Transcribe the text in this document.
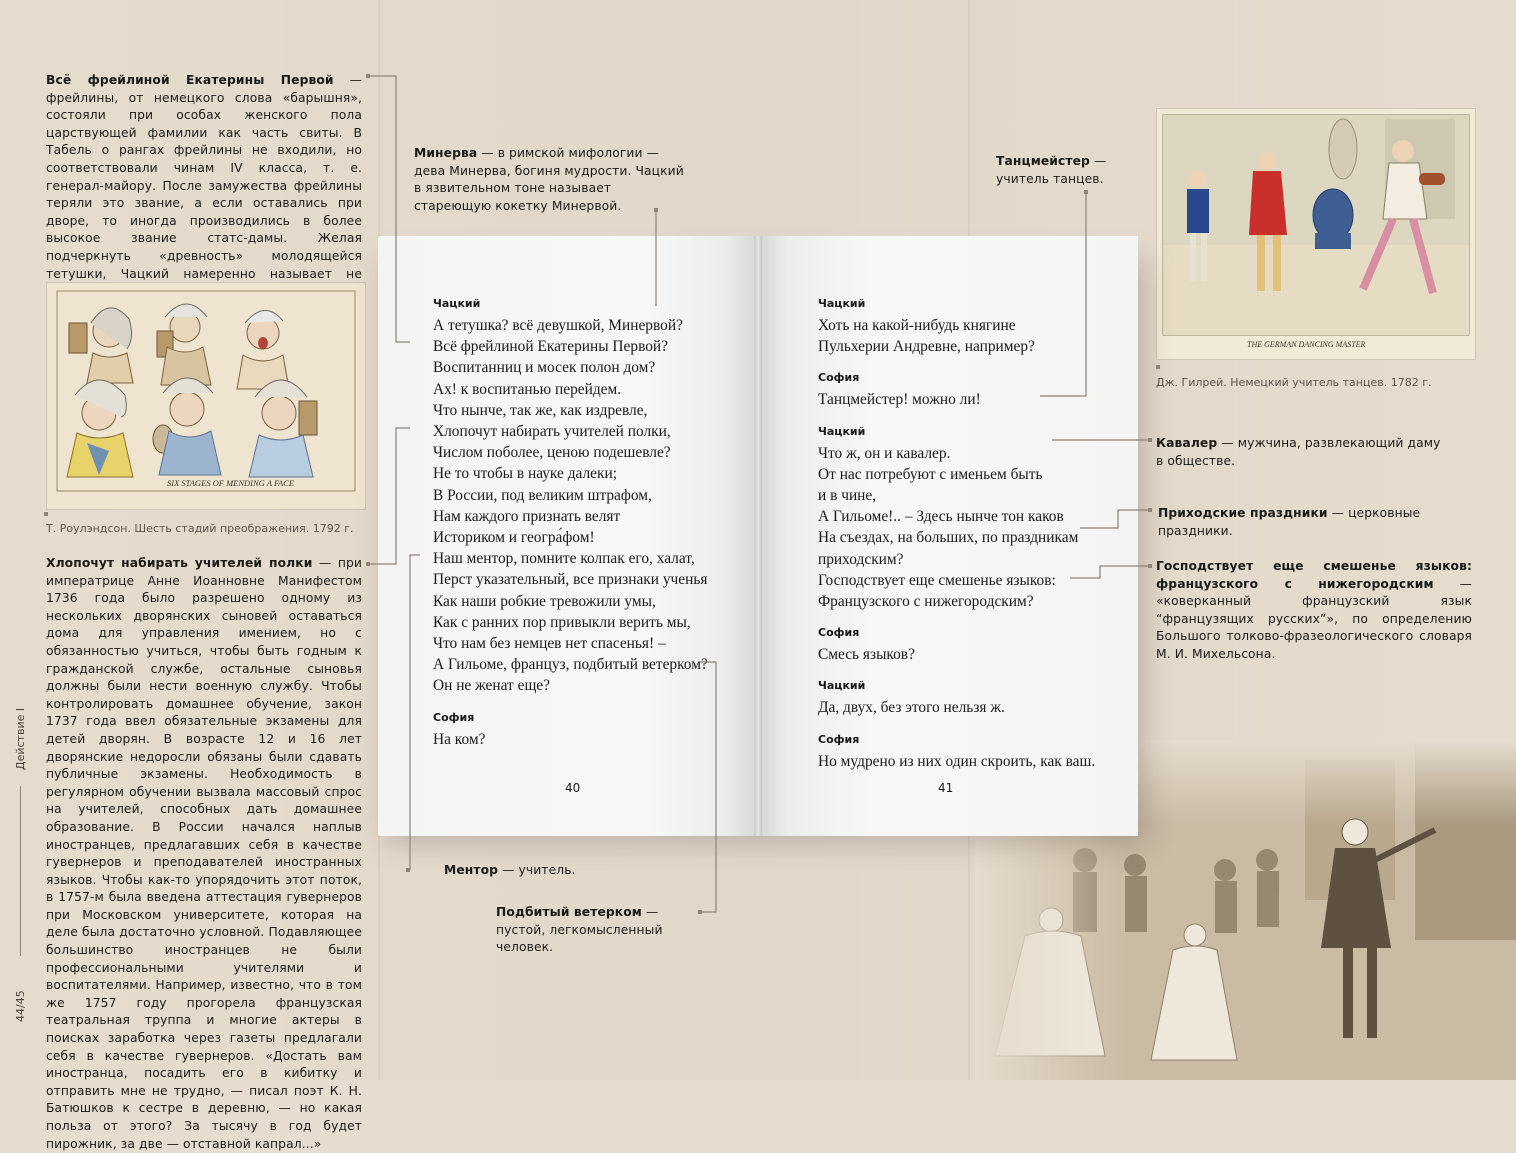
Действие I
44/45
Всё фрейлиной Екатерины Первой — фрейлины, от немецкого слова «барышня», состояли при особах женского пола царствующей фамилии как часть свиты. В Табель о рангах фрейлины не входили, но соответствовали чинам IV класса, т. е. генерал-майору. После замужества фрейлины теряли это звание, а если оставались при дворе, то иногда производились в более высокое звание статс-дамы. Желая подчеркнуть «древность» молодящейся тетушки, Чацкий намеренно называет не
SIX STAGES OF MENDING A FACE
Т. Роулэндсон. Шесть стадий преображения. 1792 г.
Хлопочут набирать учителей полки — при императрице Анне Иоанновне Манифестом 1736 года было разрешено одному из нескольких дворянских сыновей оставаться дома для управления имением, но с обязанностью учиться, чтобы быть годным к гражданской службе, остальные сыновья должны были нести военную службу. Чтобы контролировать домашнее обучение, закон 1737 года ввел обязательные экзамены для детей дворян. В возрасте 12 и 16 лет дворянские недоросли обязаны были сдавать публичные экзамены. Необходимость в регулярном обучении вызвала массовый спрос на учителей, способных дать домашнее образование. В России начался наплыв иностранцев, предлагавших себя в качестве гувернеров и преподавателей иностранных языков. Чтобы как-то упорядочить этот поток, в 1757-м была введена аттестация гувернеров при Московском университете, которая на деле была достаточно условной. Подавляющее большинство иностранцев не были профессиональными учителями и воспитателями. Например, известно, что в том же 1757 году прогорела французская театральная труппа и многие актеры в поисках заработка через газеты предлагали себя в качестве гувернеров. «Достать вам иностранца, посадить его в кибитку и отправить мне не трудно, — писал поэт К. Н. Батюшков к сестре в деревню, — но какая польза от этого? За тысячу в год будет пирожник, за две — отставной капрал...»
Минерва — в римской мифологии — дева Минерва, богиня мудрости. Чацкий в язвительном тоне называет стареющую кокетку Минервой.
Танцмейстер — учитель танцев.
THE GERMAN DANCING MASTER
Дж. Гилрей. Немецкий учитель танцев. 1782 г.
Кавалер — мужчина, развлекающий даму в обществе.
Приходские праздники — церковные праздники.
Господствует еще смешенье языков: французского с нижегородским — «коверканный французский язык “французящих русских”», по определению Большого толково-фразеологического словаря М. И. Михельсона.
Чацкий
А тетушка? всё девушкой, Минервой?
Всё фрейлиной Екатерины Первой?
Воспитанниц и мосек полон дом?
Ах! к воспитанью перейдем.
Что нынче, так же, как издревле,
Хлопочут набирать учителей полки,
Числом поболее, ценою подешевле?
Не то чтобы в науке далеки;
В России, под великим штрафом,
Нам каждого признать велят
Историком и геогра́фом!
Наш ментор, помните колпак его, халат,
Перст указательный, все признаки ученья
Как наши робкие тревожили умы,
Как с ранних пор привыкли верить мы,
Что нам без немцев нет спасенья! –
А Гильоме, француз, подбитый ветерком?
Он не женат еще?
София
На ком?
40
Чацкий
Хоть на какой-нибудь княгине
Пульхерии Андревне, например?
София
Танцмейстер! можно ли!
Чацкий
Что ж, он и кавалер.
От нас потребуют с именьем быть
и в чине,
А Гильоме!.. – Здесь нынче тон каков
На съездах, на больших, по праздникам
приходским?
Господствует еще смешенье языков:
Французского с нижегородским?
София
Смесь языков?
Чацкий
Да, двух, без этого нельзя ж.
София
Но мудрено из них один скроить, как ваш.
41
Ментор — учитель.
Подбитый ветерком — пустой, легкомысленный человек.
